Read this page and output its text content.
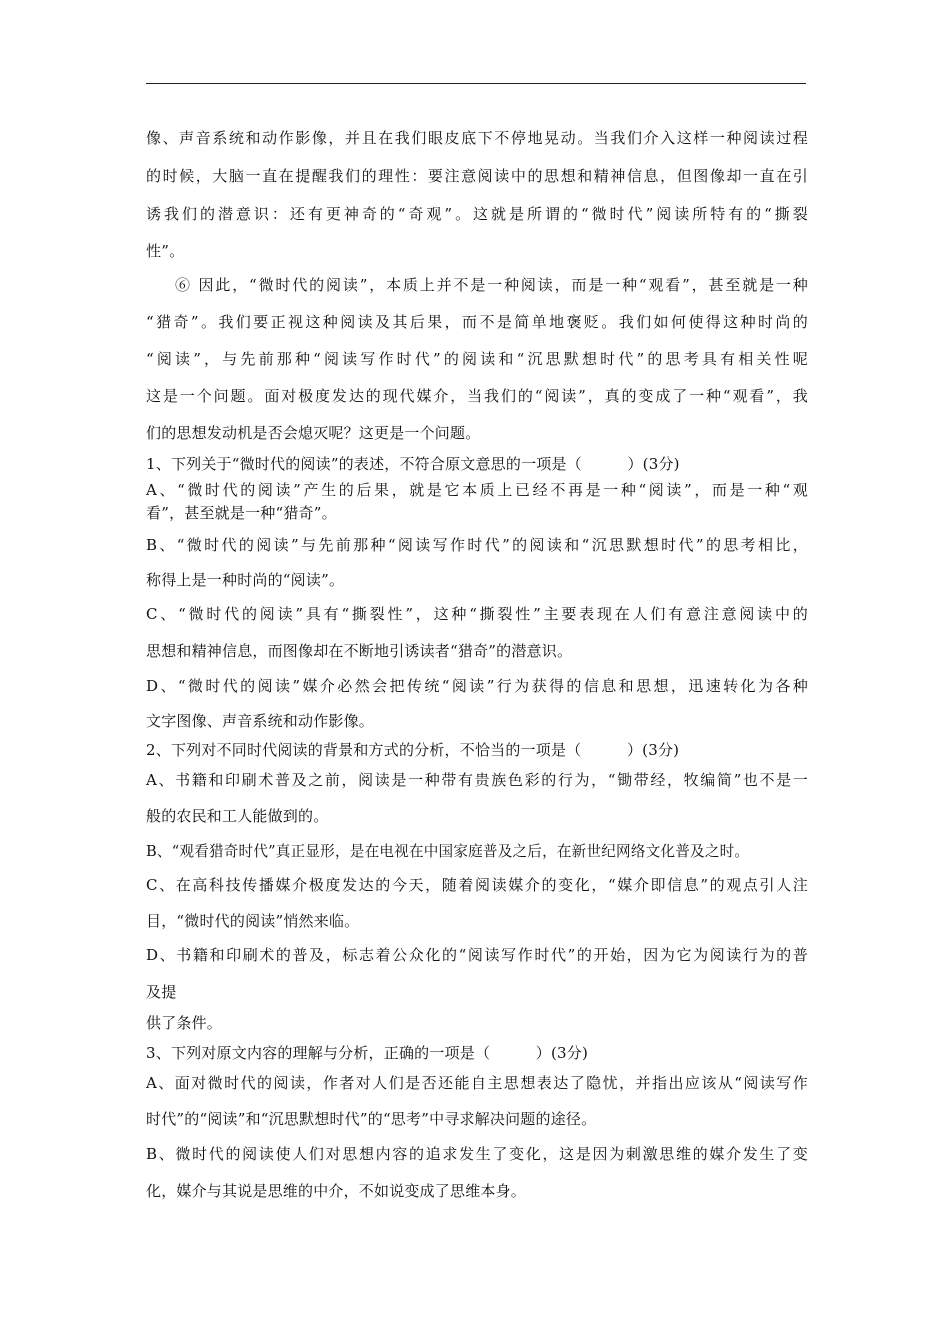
像、声音系统和动作影像，并且在我们眼皮底下不停地晃动。当我们介入这样一种阅读过程
的时候，大脑一直在提醒我们的理性：要注意阅读中的思想和精神信息，但图像却一直在引
诱我们的潜意识：还有更神奇的“奇观”。这就是所谓的“微时代”阅读所特有的“撕裂
性”。
⑥ 因此，“微时代的阅读”，本质上并不是一种阅读，而是一种“观看”，甚至就是一种
“猎奇”。我们要正视这种阅读及其后果，而不是简单地褒贬。我们如何使得这种时尚的
“阅读”，与先前那种“阅读写作时代”的阅读和“沉思默想时代”的思考具有相关性呢
这是一个问题。面对极度发达的现代媒介，当我们的“阅读”，真的变成了一种“观看”，我
们的思想发动机是否会熄灭呢？这更是一个问题。
1、下列关于“微时代的阅读”的表述，不符合原文意思的一项是（　　　）(3分)
A、“微时代的阅读”产生的后果，就是它本质上已经不再是一种“阅读”，而是一种“观
看”，甚至就是一种“猎奇”。
B、“微时代的阅读”与先前那种“阅读写作时代”的阅读和“沉思默想时代”的思考相比，
称得上是一种时尚的“阅读”。
C、“微时代的阅读”具有“撕裂性”，这种“撕裂性”主要表现在人们有意注意阅读中的
思想和精神信息，而图像却在不断地引诱读者“猎奇”的潜意识。
D、“微时代的阅读”媒介必然会把传统“阅读”行为获得的信息和思想，迅速转化为各种
文字图像、声音系统和动作影像。
2、下列对不同时代阅读的背景和方式的分析，不恰当的一项是（　　　）(3分)
A、书籍和印刷术普及之前，阅读是一种带有贵族色彩的行为，“锄带经，牧编简”也不是一
般的农民和工人能做到的。
B、“观看猎奇时代”真正显形，是在电视在中国家庭普及之后，在新世纪网络文化普及之时。
C、在高科技传播媒介极度发达的今天，随着阅读媒介的变化，“媒介即信息”的观点引人注
目，“微时代的阅读”悄然来临。
D、书籍和印刷术的普及，标志着公众化的“阅读写作时代”的开始，因为它为阅读行为的普
及提
供了条件。
3、下列对原文内容的理解与分析，正确的一项是（　　　）(3分)
A、面对微时代的阅读，作者对人们是否还能自主思想表达了隐忧，并指出应该从“阅读写作
时代”的“阅读”和“沉思默想时代”的“思考”中寻求解决问题的途径。
B、微时代的阅读使人们对思想内容的追求发生了变化，这是因为刺激思维的媒介发生了变
化，媒介与其说是思维的中介，不如说变成了思维本身。
